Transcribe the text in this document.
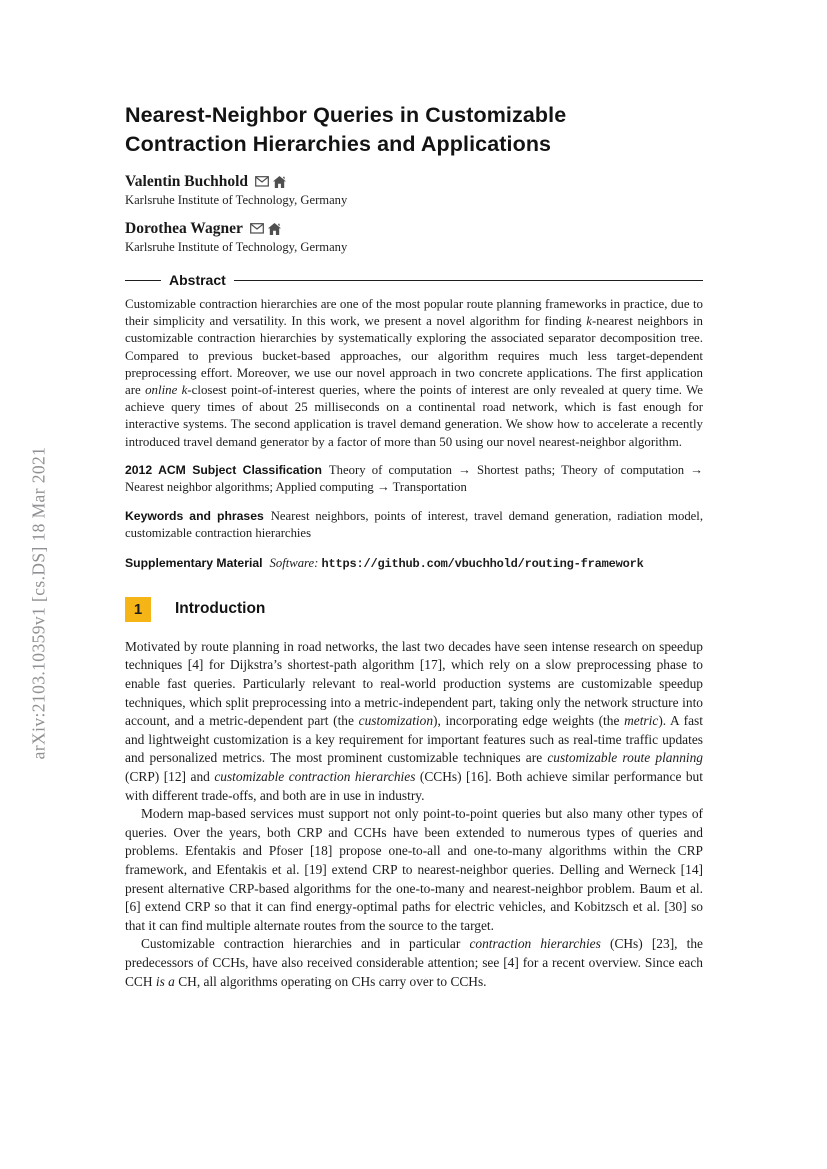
arXiv:2103.10359v1 [cs.DS] 18 Mar 2021
Nearest-Neighbor Queries in Customizable
Contraction Hierarchies and Applications
Valentin Buchhold
Karlsruhe Institute of Technology, Germany
Dorothea Wagner
Karlsruhe Institute of Technology, Germany
Abstract

Customizable contraction hierarchies are one of the most popular route planning frameworks in practice, due to their simplicity and versatility. In this work, we present a novel algorithm for finding k-nearest neighbors in customizable contraction hierarchies by systematically exploring the associated separator decomposition tree. Compared to previous bucket-based approaches, our algorithm requires much less target-dependent preprocessing effort. Moreover, we use our novel approach in two concrete applications. The first application are online k-closest point-of-interest queries, where the points of interest are only revealed at query time. We achieve query times of about 25 milliseconds on a continental road network, which is fast enough for interactive systems. The second application is travel demand generation. We show how to accelerate a recently introduced travel demand generator by a factor of more than 50 using our novel nearest-neighbor algorithm.

2012 ACM Subject Classification Theory of computation → Shortest paths; Theory of computation → Nearest neighbor algorithms; Applied computing → Transportation

Keywords and phrases Nearest neighbors, points of interest, travel demand generation, radiation model, customizable contraction hierarchies

Supplementary Material Software: https://github.com/vbuchhold/routing-framework

1	Introduction

Motivated by route planning in road networks, the last two decades have seen intense research on speedup techniques [4] for Dijkstra’s shortest-path algorithm [17], which rely on a slow preprocessing phase to enable fast queries. Particularly relevant to real-world production systems are customizable speedup techniques, which split preprocessing into a metric-independent part, taking only the network structure into account, and a metric-dependent part (the customization), incorporating edge weights (the metric). A fast and lightweight customization is a key requirement for important features such as real-time traffic updates and personalized metrics. The most prominent customizable techniques are customizable route planning (CRP) [12] and customizable contraction hierarchies (CCHs) [16]. Both achieve similar performance but with different trade-offs, and both are in use in industry.

Modern map-based services must support not only point-to-point queries but also many other types of queries. Over the years, both CRP and CCHs have been extended to numerous types of queries and problems. Efentakis and Pfoser [18] propose one-to-all and one-to-many algorithms within the CRP framework, and Efentakis et al. [19] extend CRP to nearest-neighbor queries. Delling and Werneck [14] present alternative CRP-based algorithms for the one-to-many and nearest-neighbor problem. Baum et al. [6] extend CRP so that it can find energy-optimal paths for electric vehicles, and Kobitzsch et al. [30] so that it can find multiple alternate routes from the source to the target.

Customizable contraction hierarchies and in particular contraction hierarchies (CHs) [23], the predecessors of CCHs, have also received considerable attention; see [4] for a recent overview. Since each CCH is a CH, all algorithms operating on CHs carry over to CCHs.
